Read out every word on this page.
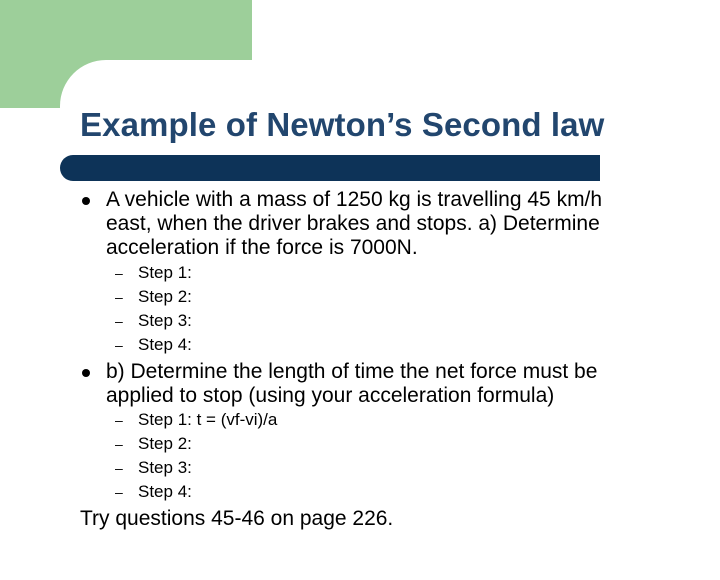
Example of Newton’s Second law

A vehicle with a mass of 1250 kg is travelling 45 km/h
east, when the driver brakes and stops. a) Determine
acceleration if the force is 7000N.

– Step 1:
– Step 2:
– Step 3:
– Step 4:

b) Determine the length of time the net force must be
applied to stop (using your acceleration formula)

– Step 1: t = (vf-vi)/a
– Step 2:
– Step 3:
– Step 4:

Try questions 45-46 on page 226.
